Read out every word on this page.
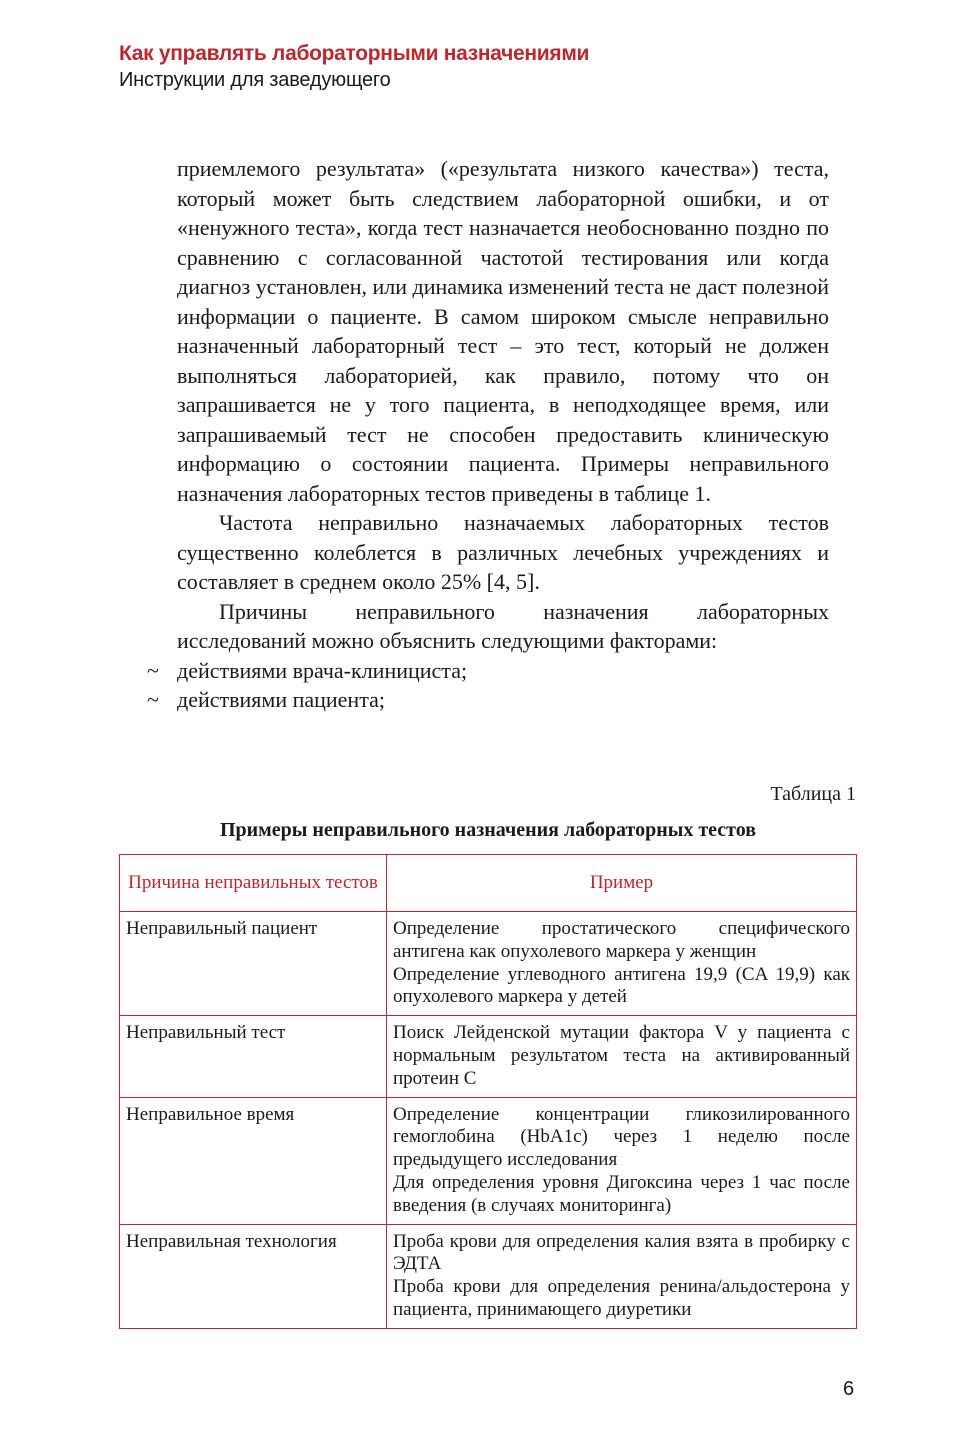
Как управлять лабораторными назначениями
Инструкции для заведующего

приемлемого результата» («результата низкого качества») теста, который может быть следствием лабораторной ошибки, и от «ненужного теста», когда тест назначается необоснованно поздно по сравнению с согласованной частотой тестирования или когда диагноз установлен, или динамика изменений теста не даст полезной информации о пациенте. В самом широком смысле неправильно назначенный лабораторный тест – это тест, который не должен выполняться лабораторией, как правило, потому что он запрашивается не у того пациента, в неподходящее время, или запрашиваемый тест не способен предоставить клиническую информацию о состоянии пациента. Примеры неправильного назначения лабораторных тестов приведены в таблице 1.

Частота неправильно назначаемых лабораторных тестов существенно колеблется в различных лечебных учреждениях и составляет в среднем около 25% [4, 5].

Причины неправильного назначения лабораторных исследований можно объяснить следующими факторами:

~ действиями врача-клинициста;
~ действиями пациента;
Таблица 1
Примеры неправильного назначения лабораторных тестов
Причина неправильных тестов	Пример
Неправильный пациент	Определение простатического специфического антигена как опухолевого маркера у женщин
Определение углеводного антигена 19,9 (CA 19,9) как опухолевого маркера у детей

Неправильный тест	Поиск Лейденской мутации фактора V у пациента с нормальным результатом теста на активированный протеин C

Неправильное время	Определение концентрации гликозилированного гемоглобина (HbA1c) через 1 неделю после предыдущего исследования
Для определения уровня Дигоксина через 1 час после введения (в случаях мониторинга)

Неправильная технология	Проба крови для определения калия взята в пробирку с ЭДТА
Проба крови для определения ренина/альдостерона у пациента, принимающего диуретики
6
